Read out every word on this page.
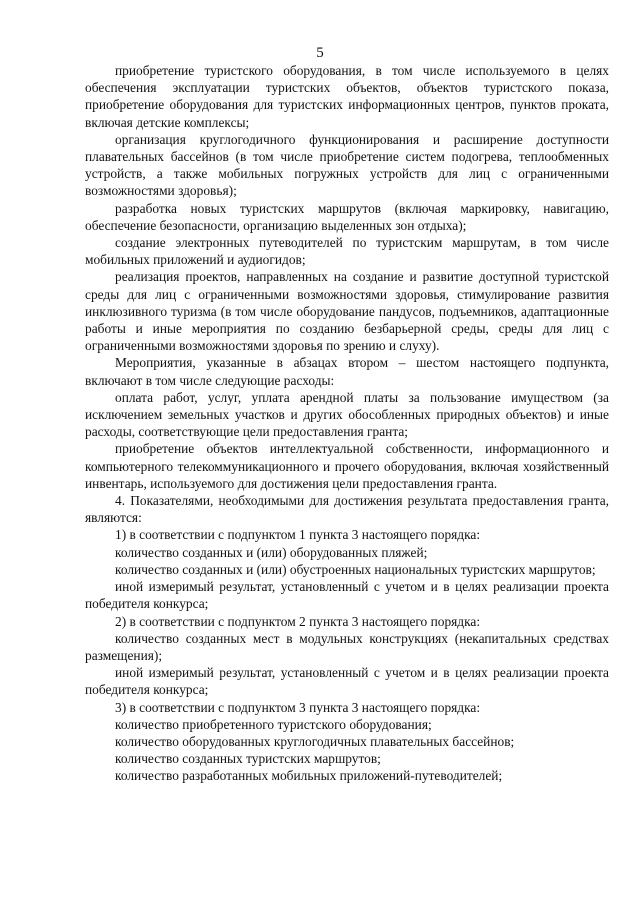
5

приобретение туристского оборудования, в том числе используемого в целях обеспечения эксплуатации туристских объектов, объектов туристского показа, приобретение оборудования для туристских информационных центров, пунктов проката, включая детские комплексы;

организация круглогодичного функционирования и расширение доступности плавательных бассейнов (в том числе приобретение систем подогрева, теплообменных устройств, а также мобильных погружных устройств для лиц с ограниченными возможностями здоровья);

разработка новых туристских маршрутов (включая маркировку, навигацию, обеспечение безопасности, организацию выделенных зон отдыха);

создание электронных путеводителей по туристским маршрутам, в том числе мобильных приложений и аудиогидов;

реализация проектов, направленных на создание и развитие доступной туристской среды для лиц с ограниченными возможностями здоровья, стимулирование развития инклюзивного туризма (в том числе оборудование пандусов, подъемников, адаптационные работы и иные мероприятия по созданию безбарьерной среды, среды для лиц с ограниченными возможностями здоровья по зрению и слуху).

Мероприятия, указанные в абзацах втором – шестом настоящего подпункта, включают в том числе следующие расходы:

оплата работ, услуг, уплата арендной платы за пользование имуществом (за исключением земельных участков и других обособленных природных объектов) и иные расходы, соответствующие цели предоставления гранта;

приобретение объектов интеллектуальной собственности, информационного и компьютерного телекоммуникационного и прочего оборудования, включая хозяйственный инвентарь, используемого для достижения цели предоставления гранта.

4. Показателями, необходимыми для достижения результата предоставления гранта, являются:

1) в соответствии с подпунктом 1 пункта 3 настоящего порядка:

количество созданных и (или) оборудованных пляжей;

количество созданных и (или) обустроенных национальных туристских маршрутов;

иной измеримый результат, установленный с учетом и в целях реализации проекта победителя конкурса;

2) в соответствии с подпунктом 2 пункта 3 настоящего порядка:

количество созданных мест в модульных конструкциях (некапитальных средствах размещения);

иной измеримый результат, установленный с учетом и в целях реализации проекта победителя конкурса;

3) в соответствии с подпунктом 3 пункта 3 настоящего порядка:

количество приобретенного туристского оборудования;

количество оборудованных круглогодичных плавательных бассейнов;

количество созданных туристских маршрутов;

количество разработанных мобильных приложений-путеводителей;
